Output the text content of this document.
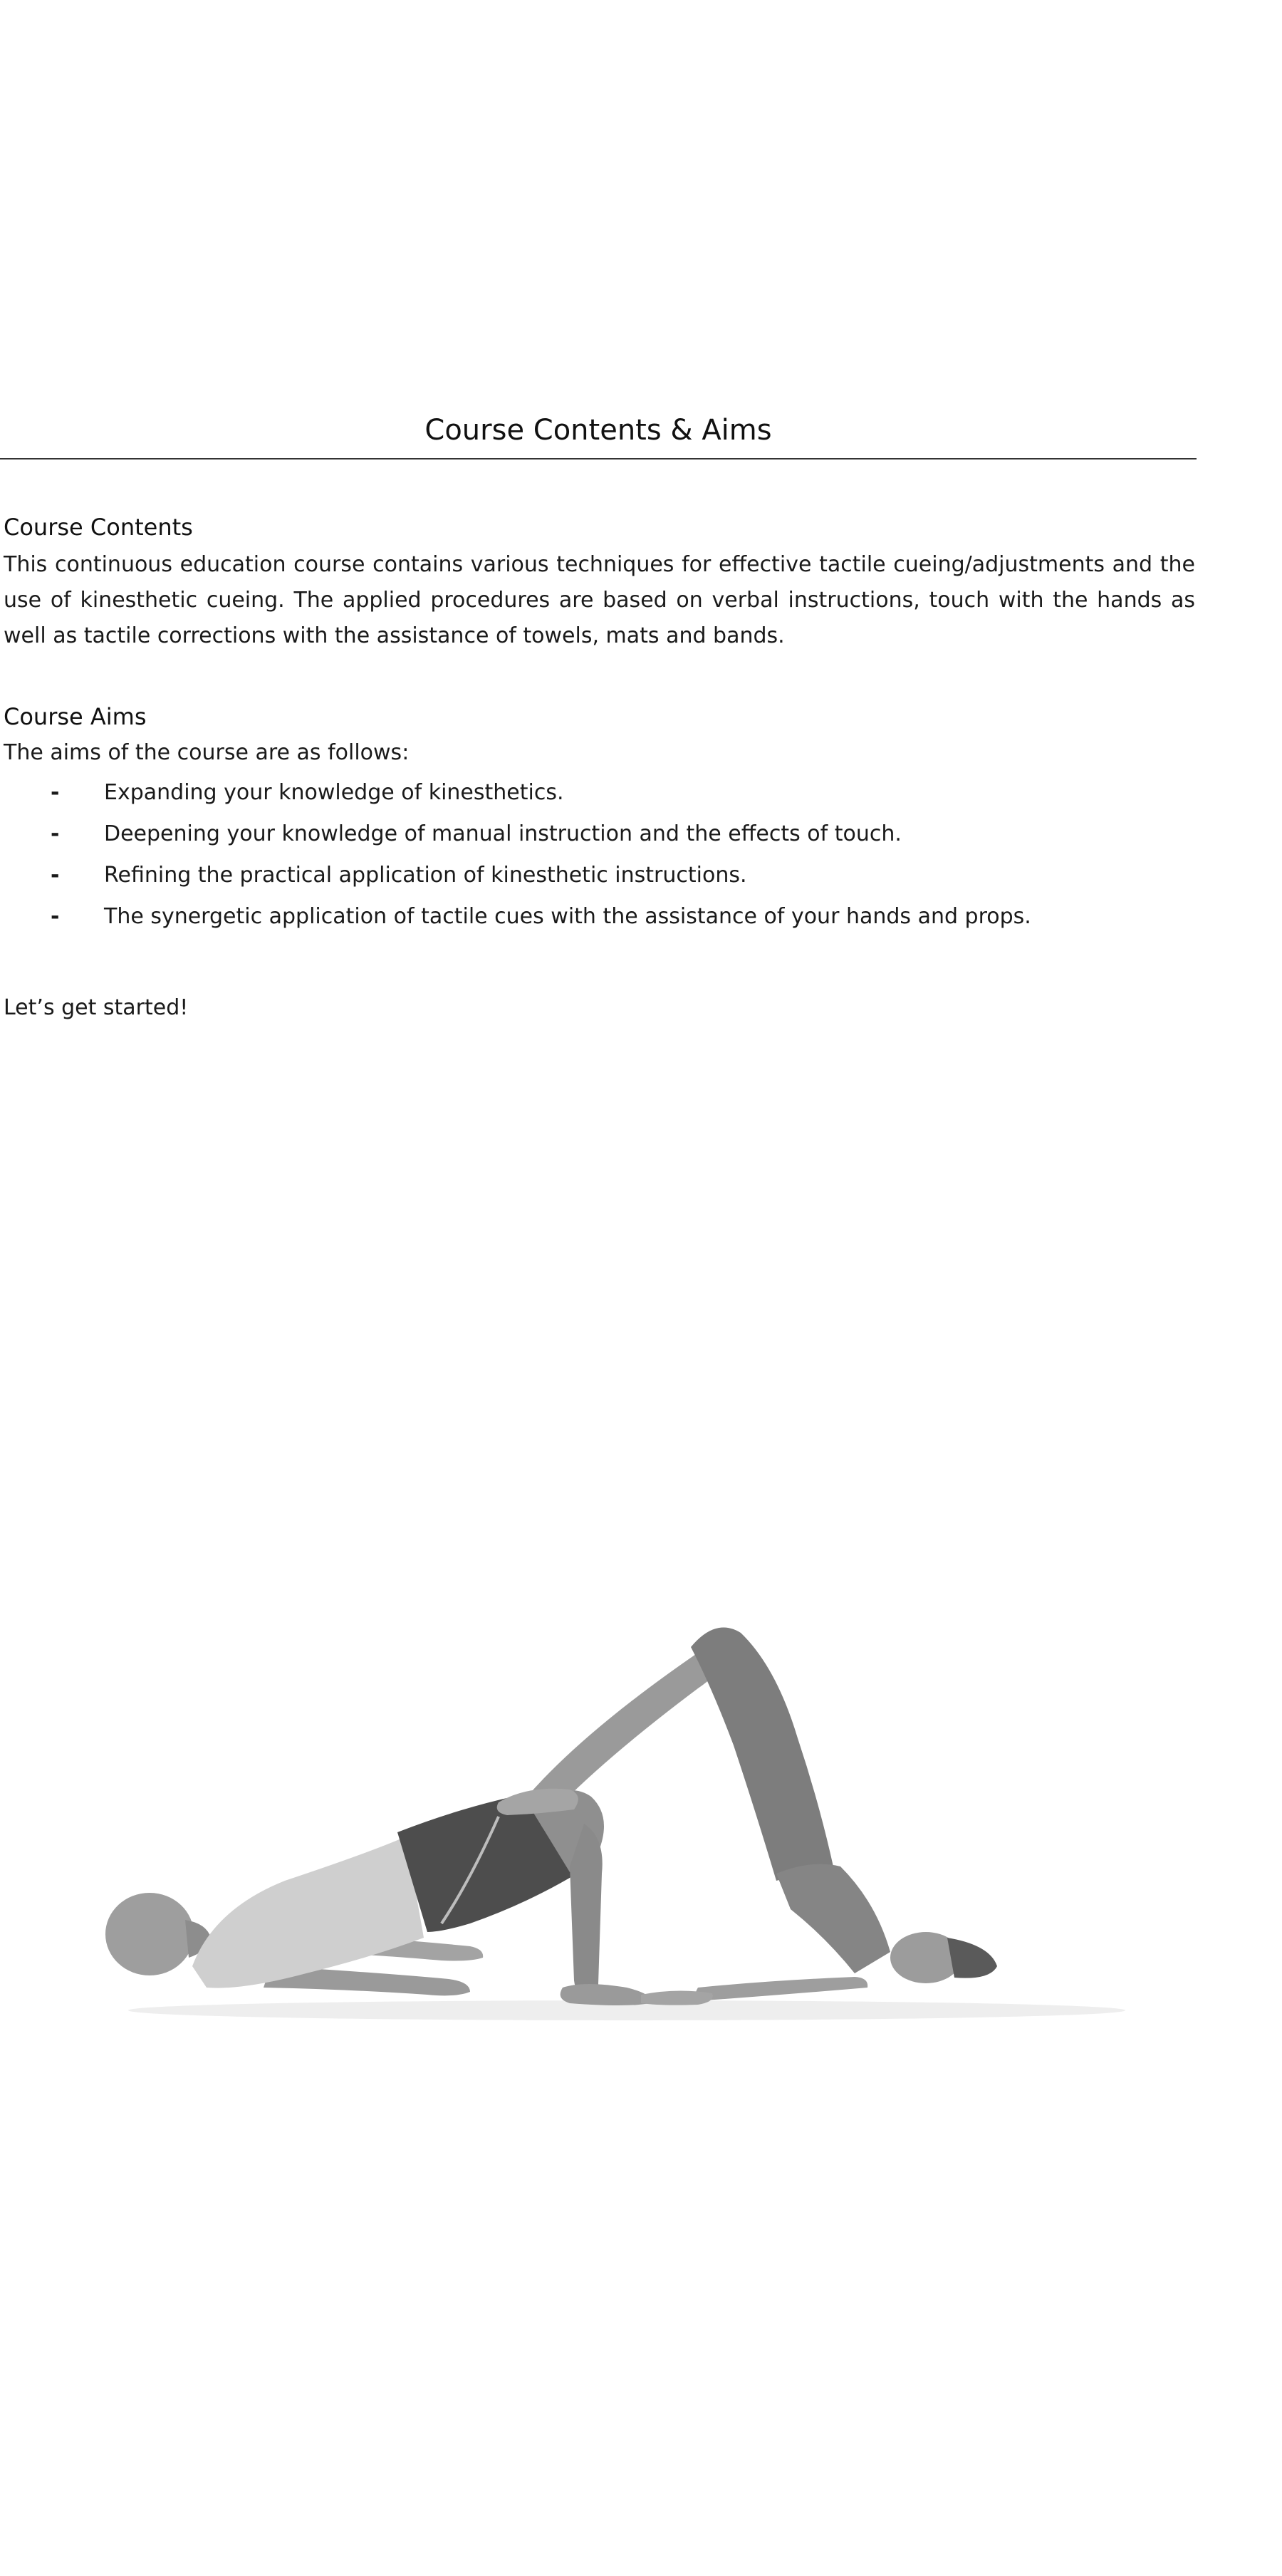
Course Contents & Aims
Course Contents

This continuous education course contains various techniques for effective tactile cueing/adjustments and the use of kinesthetic cueing. The applied procedures are based on verbal instructions, touch with the hands as well as tactile corrections with the assistance of towels, mats and bands.

Course Aims

The aims of the course are as follows:

- Expanding your knowledge of kinesthetics.
- Deepening your knowledge of manual instruction and the effects of touch.
- Refining the practical application of kinesthetic instructions.
- The synergetic application of tactile cues with the assistance of your hands and props.

Let’s get started!
